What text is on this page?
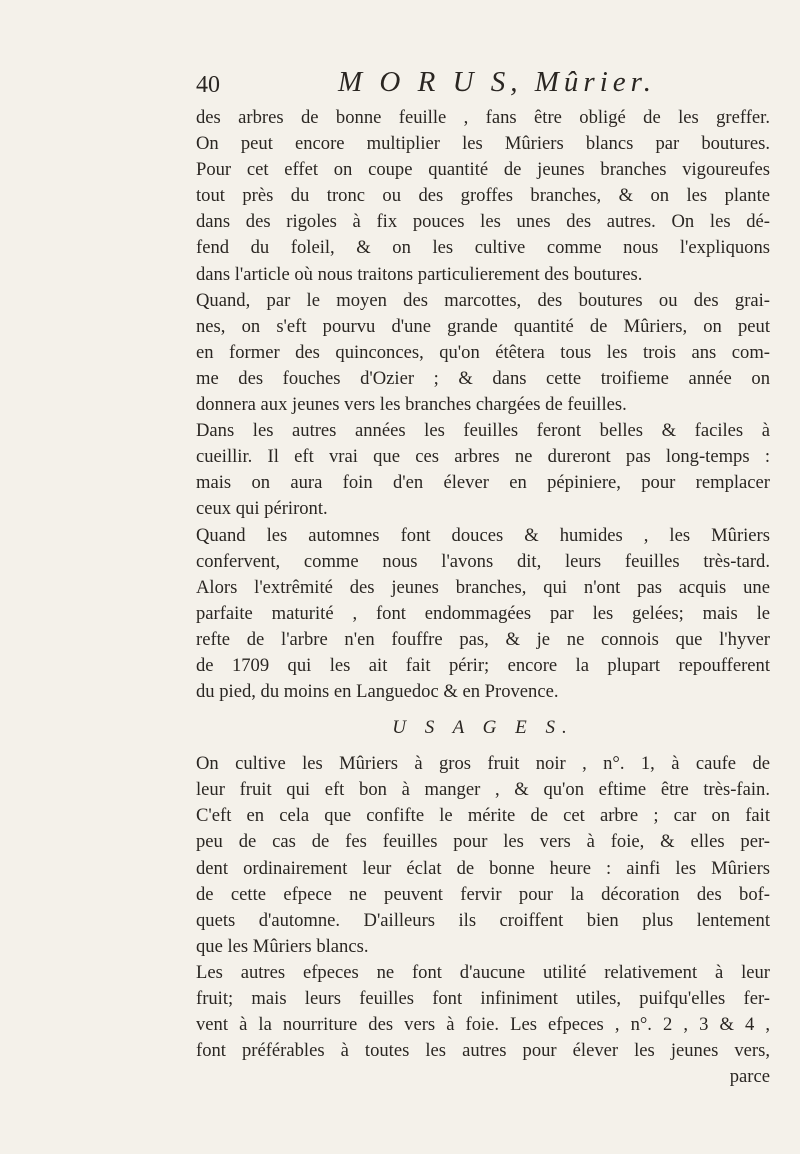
40	M O R U S, Mûrier.
des arbres de bonne feuille , fans être obligé de les greffer.
On peut encore multiplier les Mûriers blancs par boutures.
Pour cet effet on coupe quantité de jeunes branches vigoureufes
tout près du tronc ou des groffes branches, & on les plante
dans des rigoles à fix pouces les unes des autres. On les dé-
fend du foleil, & on les cultive comme nous l'expliquons
dans l'article où nous traitons particulierement des boutures.
Quand, par le moyen des marcottes, des boutures ou des grai-
nes, on s'eft pourvu d'une grande quantité de Mûriers, on peut
en former des quinconces, qu'on étêtera tous les trois ans com-
me des fouches d'Ozier ; & dans cette troifieme année on
donnera aux jeunes vers les branches chargées de feuilles.
Dans les autres années les feuilles feront belles & faciles à
cueillir. Il eft vrai que ces arbres ne dureront pas long-temps :
mais on aura foin d'en élever en pépiniere, pour remplacer
ceux qui périront.
Quand les automnes font douces & humides , les Mûriers
confervent, comme nous l'avons dit, leurs feuilles très-tard.
Alors l'extrêmité des jeunes branches, qui n'ont pas acquis une
parfaite maturité , font endommagées par les gelées; mais le
refte de l'arbre n'en fouffre pas, & je ne connois que l'hyver
de 1709 qui les ait fait périr; encore la plupart repoufferent
du pied, du moins en Languedoc & en Provence.
U S A G E S.
On cultive les Mûriers à gros fruit noir , n°. 1, à caufe de
leur fruit qui eft bon à manger , & qu'on eftime être très-fain.
C'eft en cela que confifte le mérite de cet arbre ; car on fait
peu de cas de fes feuilles pour les vers à foie, & elles per-
dent ordinairement leur éclat de bonne heure : ainfi les Mûriers
de cette efpece ne peuvent fervir pour la décoration des bof-
quets d'automne. D'ailleurs ils croiffent bien plus lentement
que les Mûriers blancs.
Les autres efpeces ne font d'aucune utilité relativement à leur
fruit; mais leurs feuilles font infiniment utiles, puifqu'elles fer-
vent à la nourriture des vers à foie. Les efpeces , n°. 2 , 3 & 4 ,
font préférables à toutes les autres pour élever les jeunes vers,
parce
